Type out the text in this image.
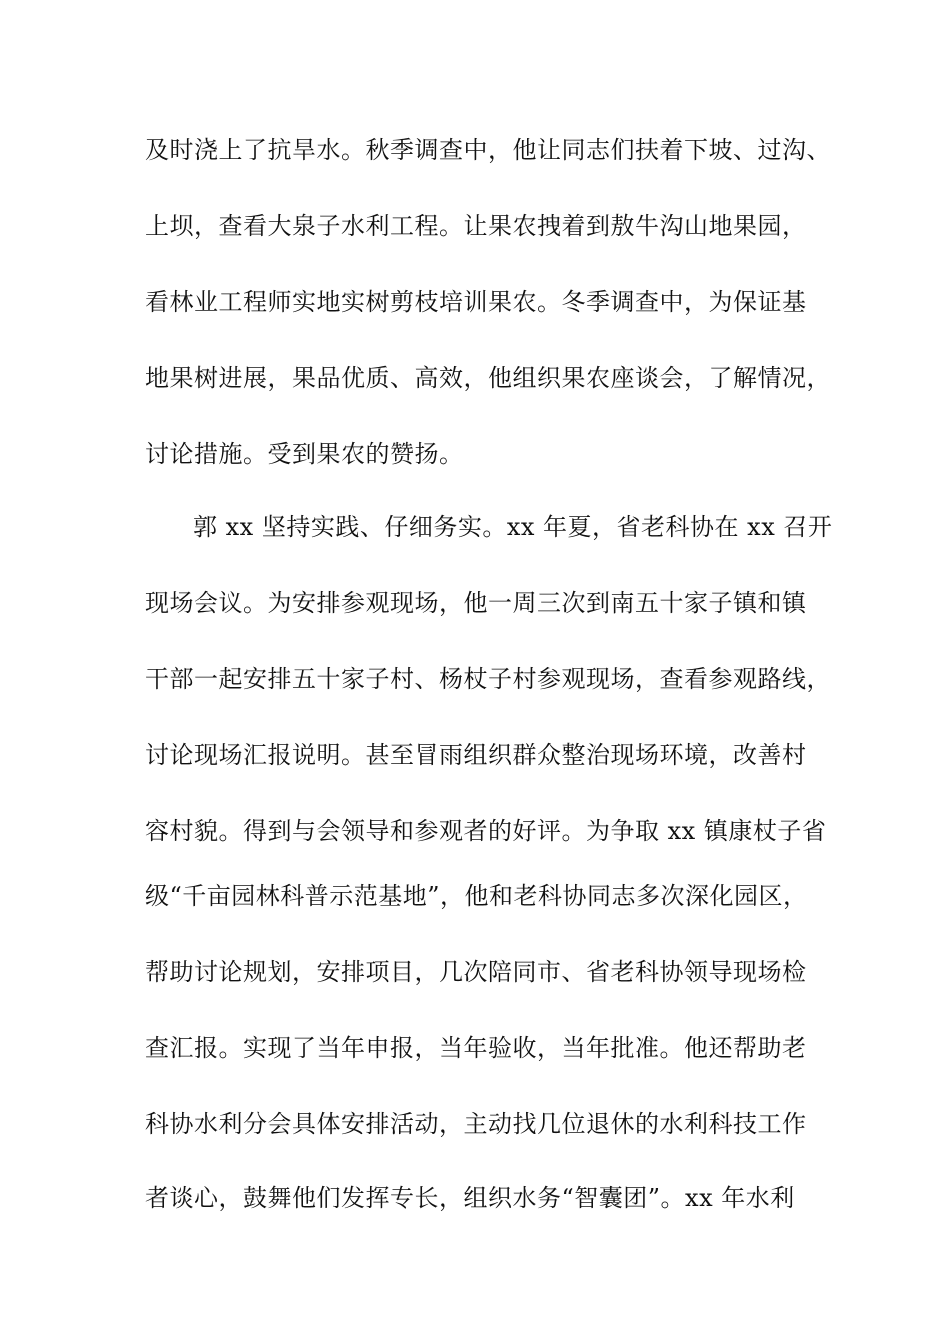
及时浇上了抗旱水。秋季调查中，他让同志们扶着下坡、过沟、
上坝，查看大泉子水利工程。让果农拽着到敖牛沟山地果园，
看林业工程师实地实树剪枝培训果农。冬季调查中，为保证基
地果树进展，果品优质、高效，他组织果农座谈会，了解情况，
讨论措施。受到果农的赞扬。
郭 xx 坚持实践、仔细务实。xx 年夏，省老科协在 xx 召开
现场会议。为安排参观现场，他一周三次到南五十家子镇和镇
干部一起安排五十家子村、杨杖子村参观现场，查看参观路线，
讨论现场汇报说明。甚至冒雨组织群众整治现场环境，改善村
容村貌。得到与会领导和参观者的好评。为争取 xx 镇康杖子省
级“千亩园林科普示范基地”，他和老科协同志多次深化园区，
帮助讨论规划，安排项目，几次陪同市、省老科协领导现场检
查汇报。实现了当年申报，当年验收，当年批准。他还帮助老
科协水利分会具体安排活动，主动找几位退休的水利科技工作
者谈心，鼓舞他们发挥专长，组织水务“智囊团”。xx 年水利
